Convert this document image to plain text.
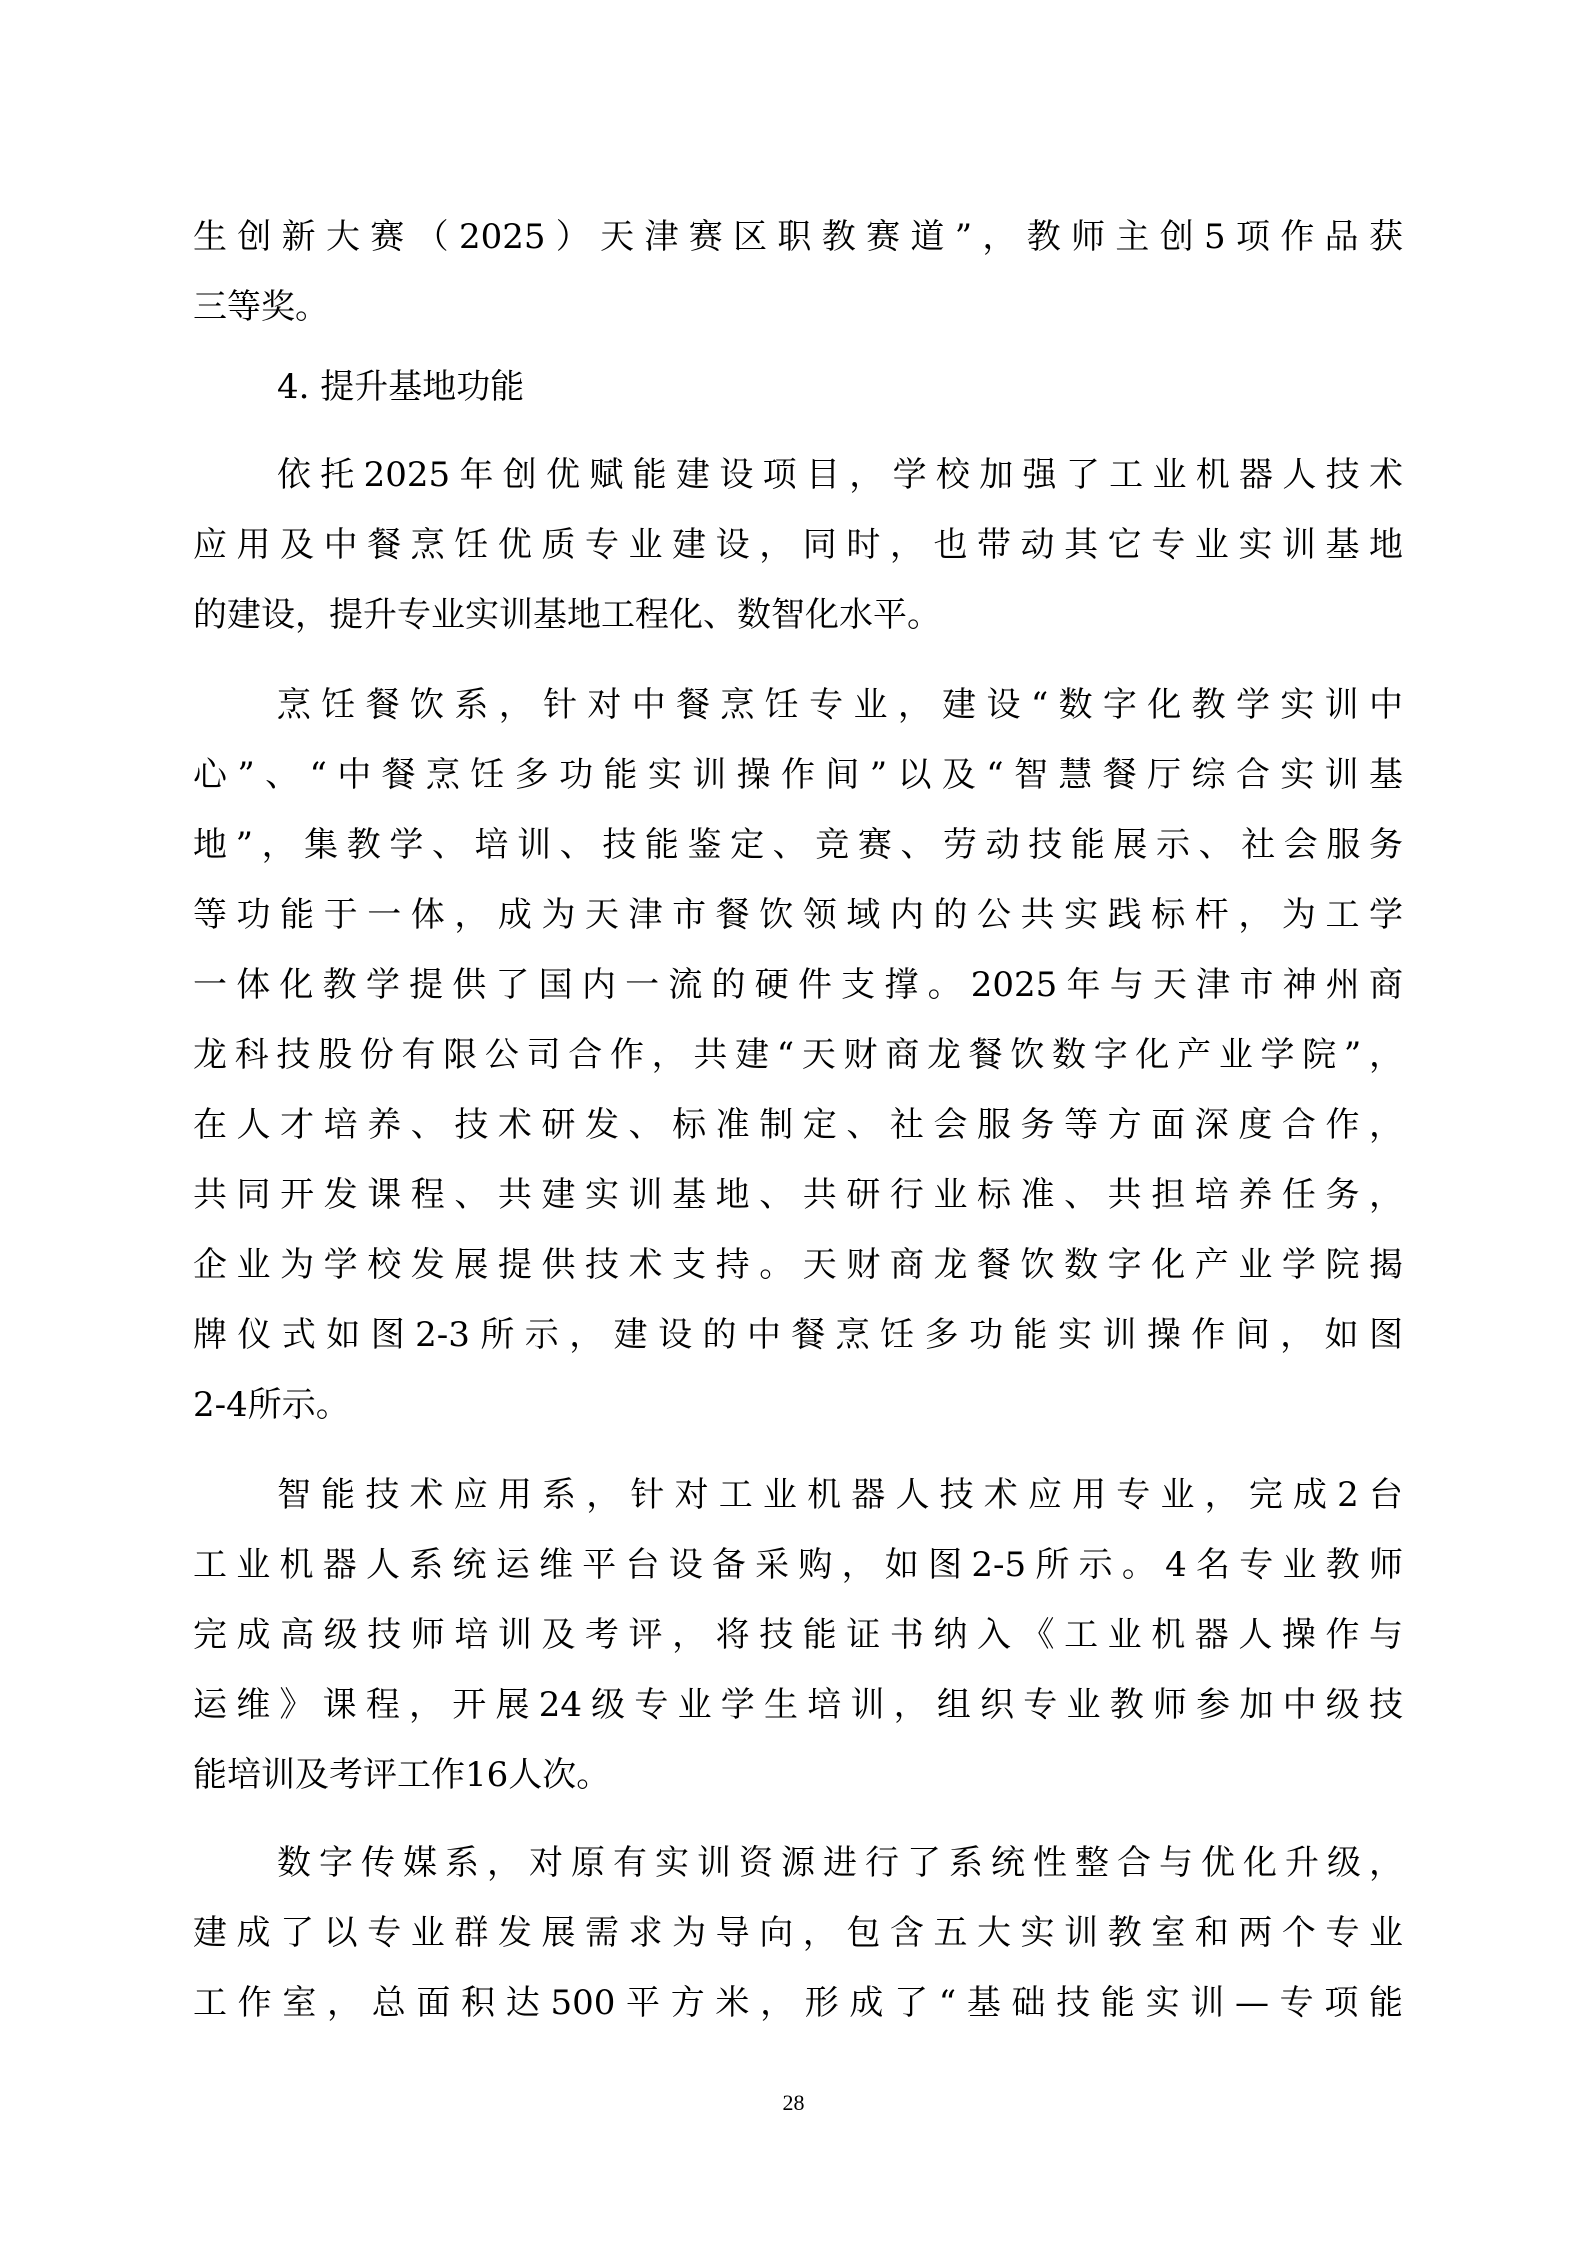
生创新大赛（2025）天津赛区职教赛道”，教师主创5项作品获
三等奖。
4. 提升基地功能
依托2025年创优赋能建设项目，学校加强了工业机器人技术
应用及中餐烹饪优质专业建设，同时，也带动其它专业实训基地
的建设，提升专业实训基地工程化、数智化水平。
烹饪餐饮系，针对中餐烹饪专业，建设“数字化教学实训中
心”、“中餐烹饪多功能实训操作间”以及“智慧餐厅综合实训基
地”，集教学、培训、技能鉴定、竞赛、劳动技能展示、社会服务
等功能于一体，成为天津市餐饮领域内的公共实践标杆，为工学
一体化教学提供了国内一流的硬件支撑。2025年与天津市神州商
龙科技股份有限公司合作，共建“天财商龙餐饮数字化产业学院”，
在人才培养、技术研发、标准制定、社会服务等方面深度合作，
共同开发课程、共建实训基地、共研行业标准、共担培养任务，
企业为学校发展提供技术支持。天财商龙餐饮数字化产业学院揭
牌仪式如图2-3所示，建设的中餐烹饪多功能实训操作间，如图
2-4所示。
智能技术应用系，针对工业机器人技术应用专业，完成2台
工业机器人系统运维平台设备采购，如图2-5所示。4名专业教师
完成高级技师培训及考评，将技能证书纳入《工业机器人操作与
运维》课程，开展24级专业学生培训，组织专业教师参加中级技
能培训及考评工作16人次。
数字传媒系，对原有实训资源进行了系统性整合与优化升级，
建成了以专业群发展需求为导向，包含五大实训教室和两个专业
工作室，总面积达500平方米，形成了“基础技能实训—专项能
28
